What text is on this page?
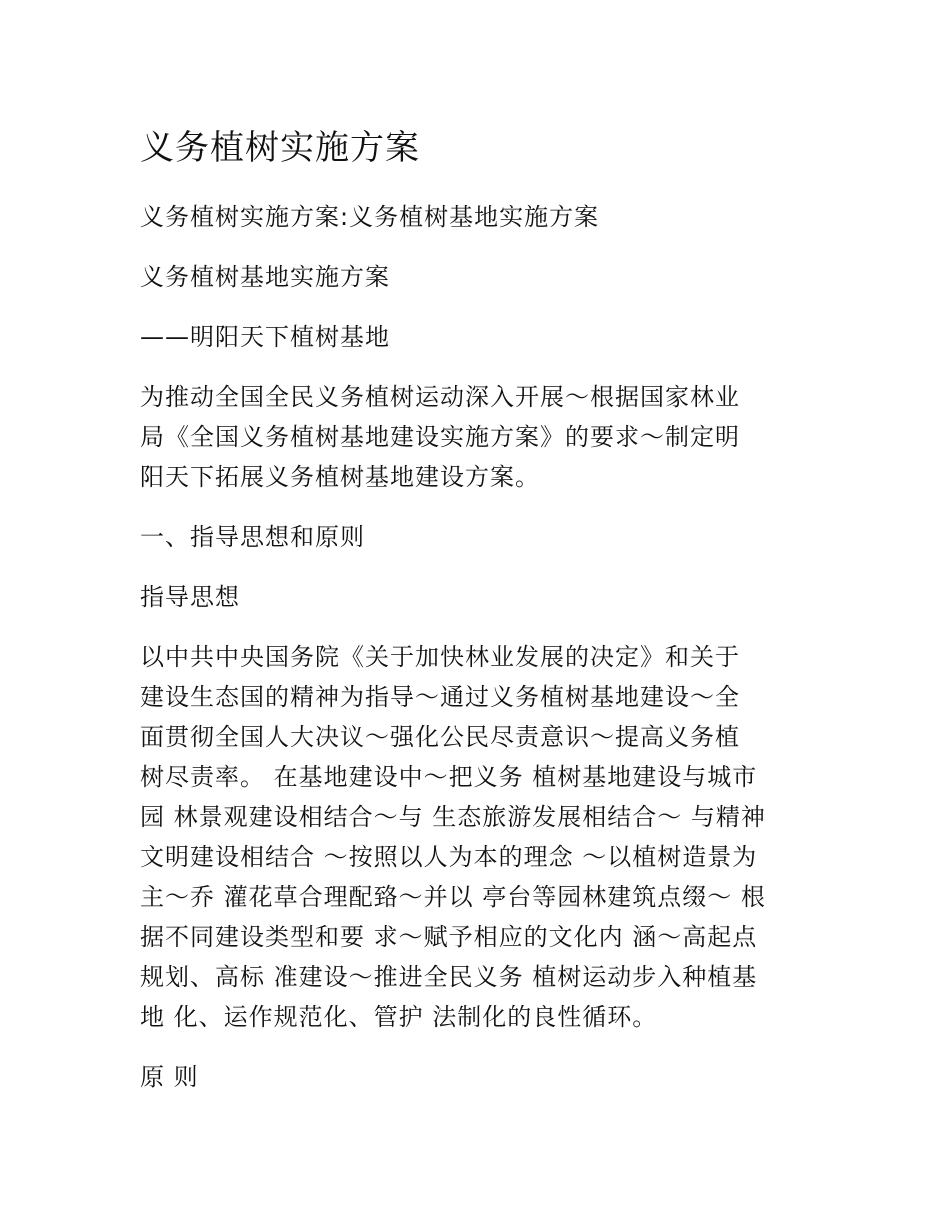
义务植树实施方案

义务植树实施方案:义务植树基地实施方案

义务植树基地实施方案

——明阳天下植树基地

为推动全国全民义务植树运动深入开展～根据国家林业
局《全国义务植树基地建设实施方案》的要求～制定明
阳天下拓展义务植树基地建设方案。

一、指导思想和原则

指导思想

以中共中央国务院《关于加快林业发展的决定》和关于
建设生态国的精神为指导～通过义务植树基地建设～全
面贯彻全国人大决议～强化公民尽责意识～提高义务植
树尽责率。 在基地建设中～把义务 植树基地建设与城市
园 林景观建设相结合～与 生态旅游发展相结合～ 与精神
文明建设相结合 ～按照以人为本的理念 ～以植树造景为
主～乔 灌花草合理配臵～并以 亭台等园林建筑点缀～ 根
据不同建设类型和要 求～赋予相应的文化内 涵～高起点
规划、高标 准建设～推进全民义务 植树运动步入种植基
地 化、运作规范化、管护 法制化的良性循环。

原 则
